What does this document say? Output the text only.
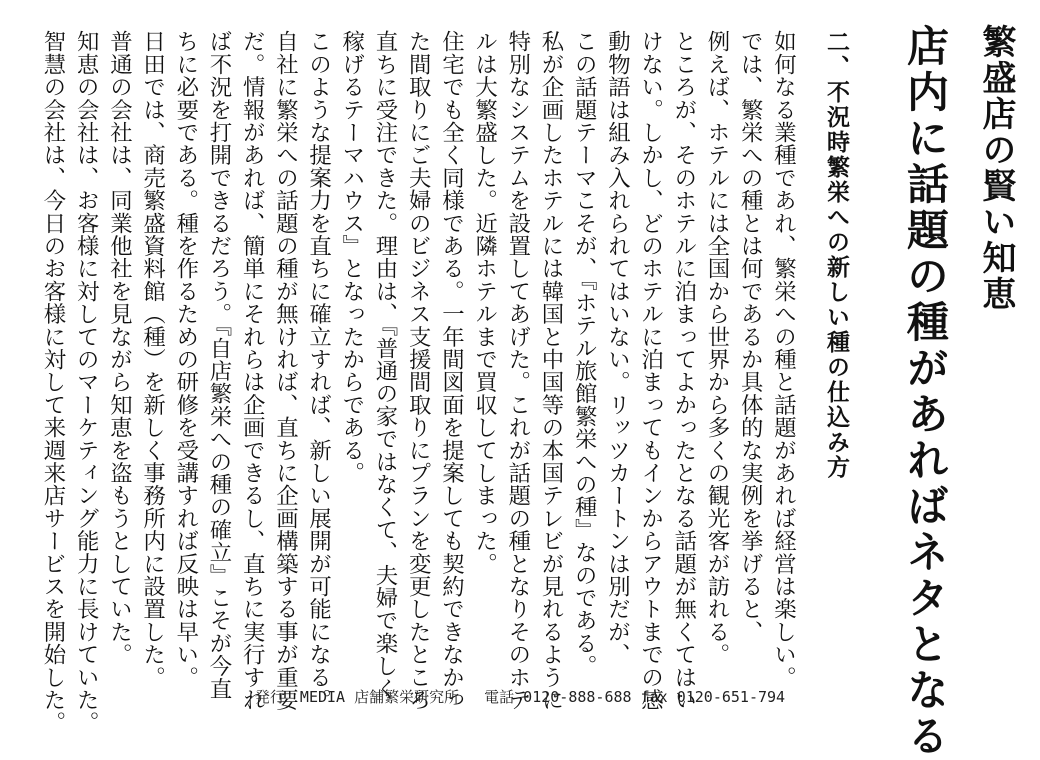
繁盛店の賢い知恵
店内に話題の種があればネタとなる
二、不況時繁栄への新しい種の仕込み方
如何なる業種であれ、繁栄への種と話題があれば経営は楽しい。
では、繁栄への種とは何であるか具体的な実例を挙げると、
例えば、ホテルには全国から世界から多くの観光客が訪れる。
ところが、そのホテルに泊まってよかったとなる話題が無くてはい
けない。しかし、どのホテルに泊まってもインからアウトまでの感
動物語は組み入れられてはいない。リッツカートンは別だが、
この話題テーマこそが、『ホテル旅館繁栄への種』なのである。
私が企画したホテルには韓国と中国等の本国テレビが見れるように
特別なシステムを設置してあげた。これが話題の種となりそのホテ
ルは大繁盛した。近隣ホテルまで買収してしまった。
住宅でも全く同様である。一年間図面を提案しても契約できなかっ
た間取りにご夫婦のビジネス支援間取りにプランを変更したところ
直ちに受注できた。理由は、『普通の家ではなくて、夫婦で楽しく
稼げるテーマハウス』となったからである。
このような提案力を直ちに確立すれば、新しい展開が可能になる。
自社に繁栄への話題の種が無ければ、直ちに企画構築する事が重要
だ。情報があれば、簡単にそれらは企画できるし、直ちに実行すれ
ば不況を打開できるだろう。『自店繁栄への種の確立』こそが今直
ちに必要である。種を作るための研修を受講すれば反映は早い。
日田では、商売繁盛資料館（種）を新しく事務所内に設置した。
普通の会社は、同業他社を見ながら知恵を盗もうとしていた。
知恵の会社は、お客様に対してのマーケティング能力に長けていた。
智慧の会社は、今日のお客様に対して来週来店サービスを開始した。	発行　MEDIA 店舗繁栄研究所 電話 0120-888-688 fax 0120-651-794
